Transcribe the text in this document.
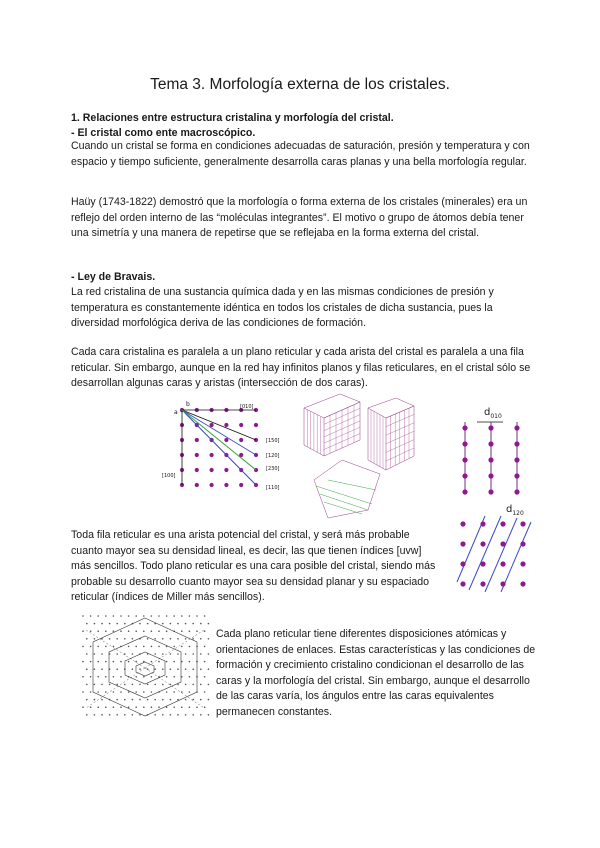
Tema 3. Morfología externa de los cristales.
1. Relaciones entre estructura cristalina y morfología del cristal.
- El cristal como ente macroscópico.
Cuando un cristal se forma en condiciones adecuadas de saturación, presión y temperatura y con espacio y tiempo suficiente, generalmente desarrolla caras planas y una bella morfología regular.
Haüy (1743-1822) demostró que la morfología o forma externa de los cristales (minerales) era un reflejo del orden interno de las “moléculas integrantes”. El motivo o grupo de átomos debía tener una simetría y una manera de repetirse que se reflejaba en la forma externa del cristal.
- Ley de Bravais.
La red cristalina de una sustancia química dada y en las mismas condiciones de presión y temperatura es constantemente idéntica en todos los cristales de dicha sustancia, pues la diversidad morfológica deriva de las condiciones de formación.
Cada cara cristalina es paralela a un plano reticular y cada arista del cristal es paralela a una fila reticular. Sin embargo, aunque en la red hay infinitos planos y filas reticulares, en el cristal sólo se desarrollan algunas caras y aristas (intersección de dos caras).
b
a
[010]
[100]
[150]
[120]
[230]
[110]
$d_{010}$
$d_{120}$
Toda fila reticular es una arista potencial del cristal, y será más probable cuanto mayor sea su densidad lineal, es decir, las que tienen índices [uvw] más sencillos. Todo plano reticular es una cara posible del cristal, siendo más probable su desarrollo cuanto mayor sea su densidad planar y su espaciado reticular (índices de Miller más sencillos).
Cada plano reticular tiene diferentes disposiciones atómicas y orientaciones de enlaces. Estas características y las condiciones de formación y crecimiento cristalino condicionan el desarrollo de las caras y la morfología del cristal. Sin embargo, aunque el desarrollo de las caras varía, los ángulos entre las caras equivalentes permanecen constantes.
